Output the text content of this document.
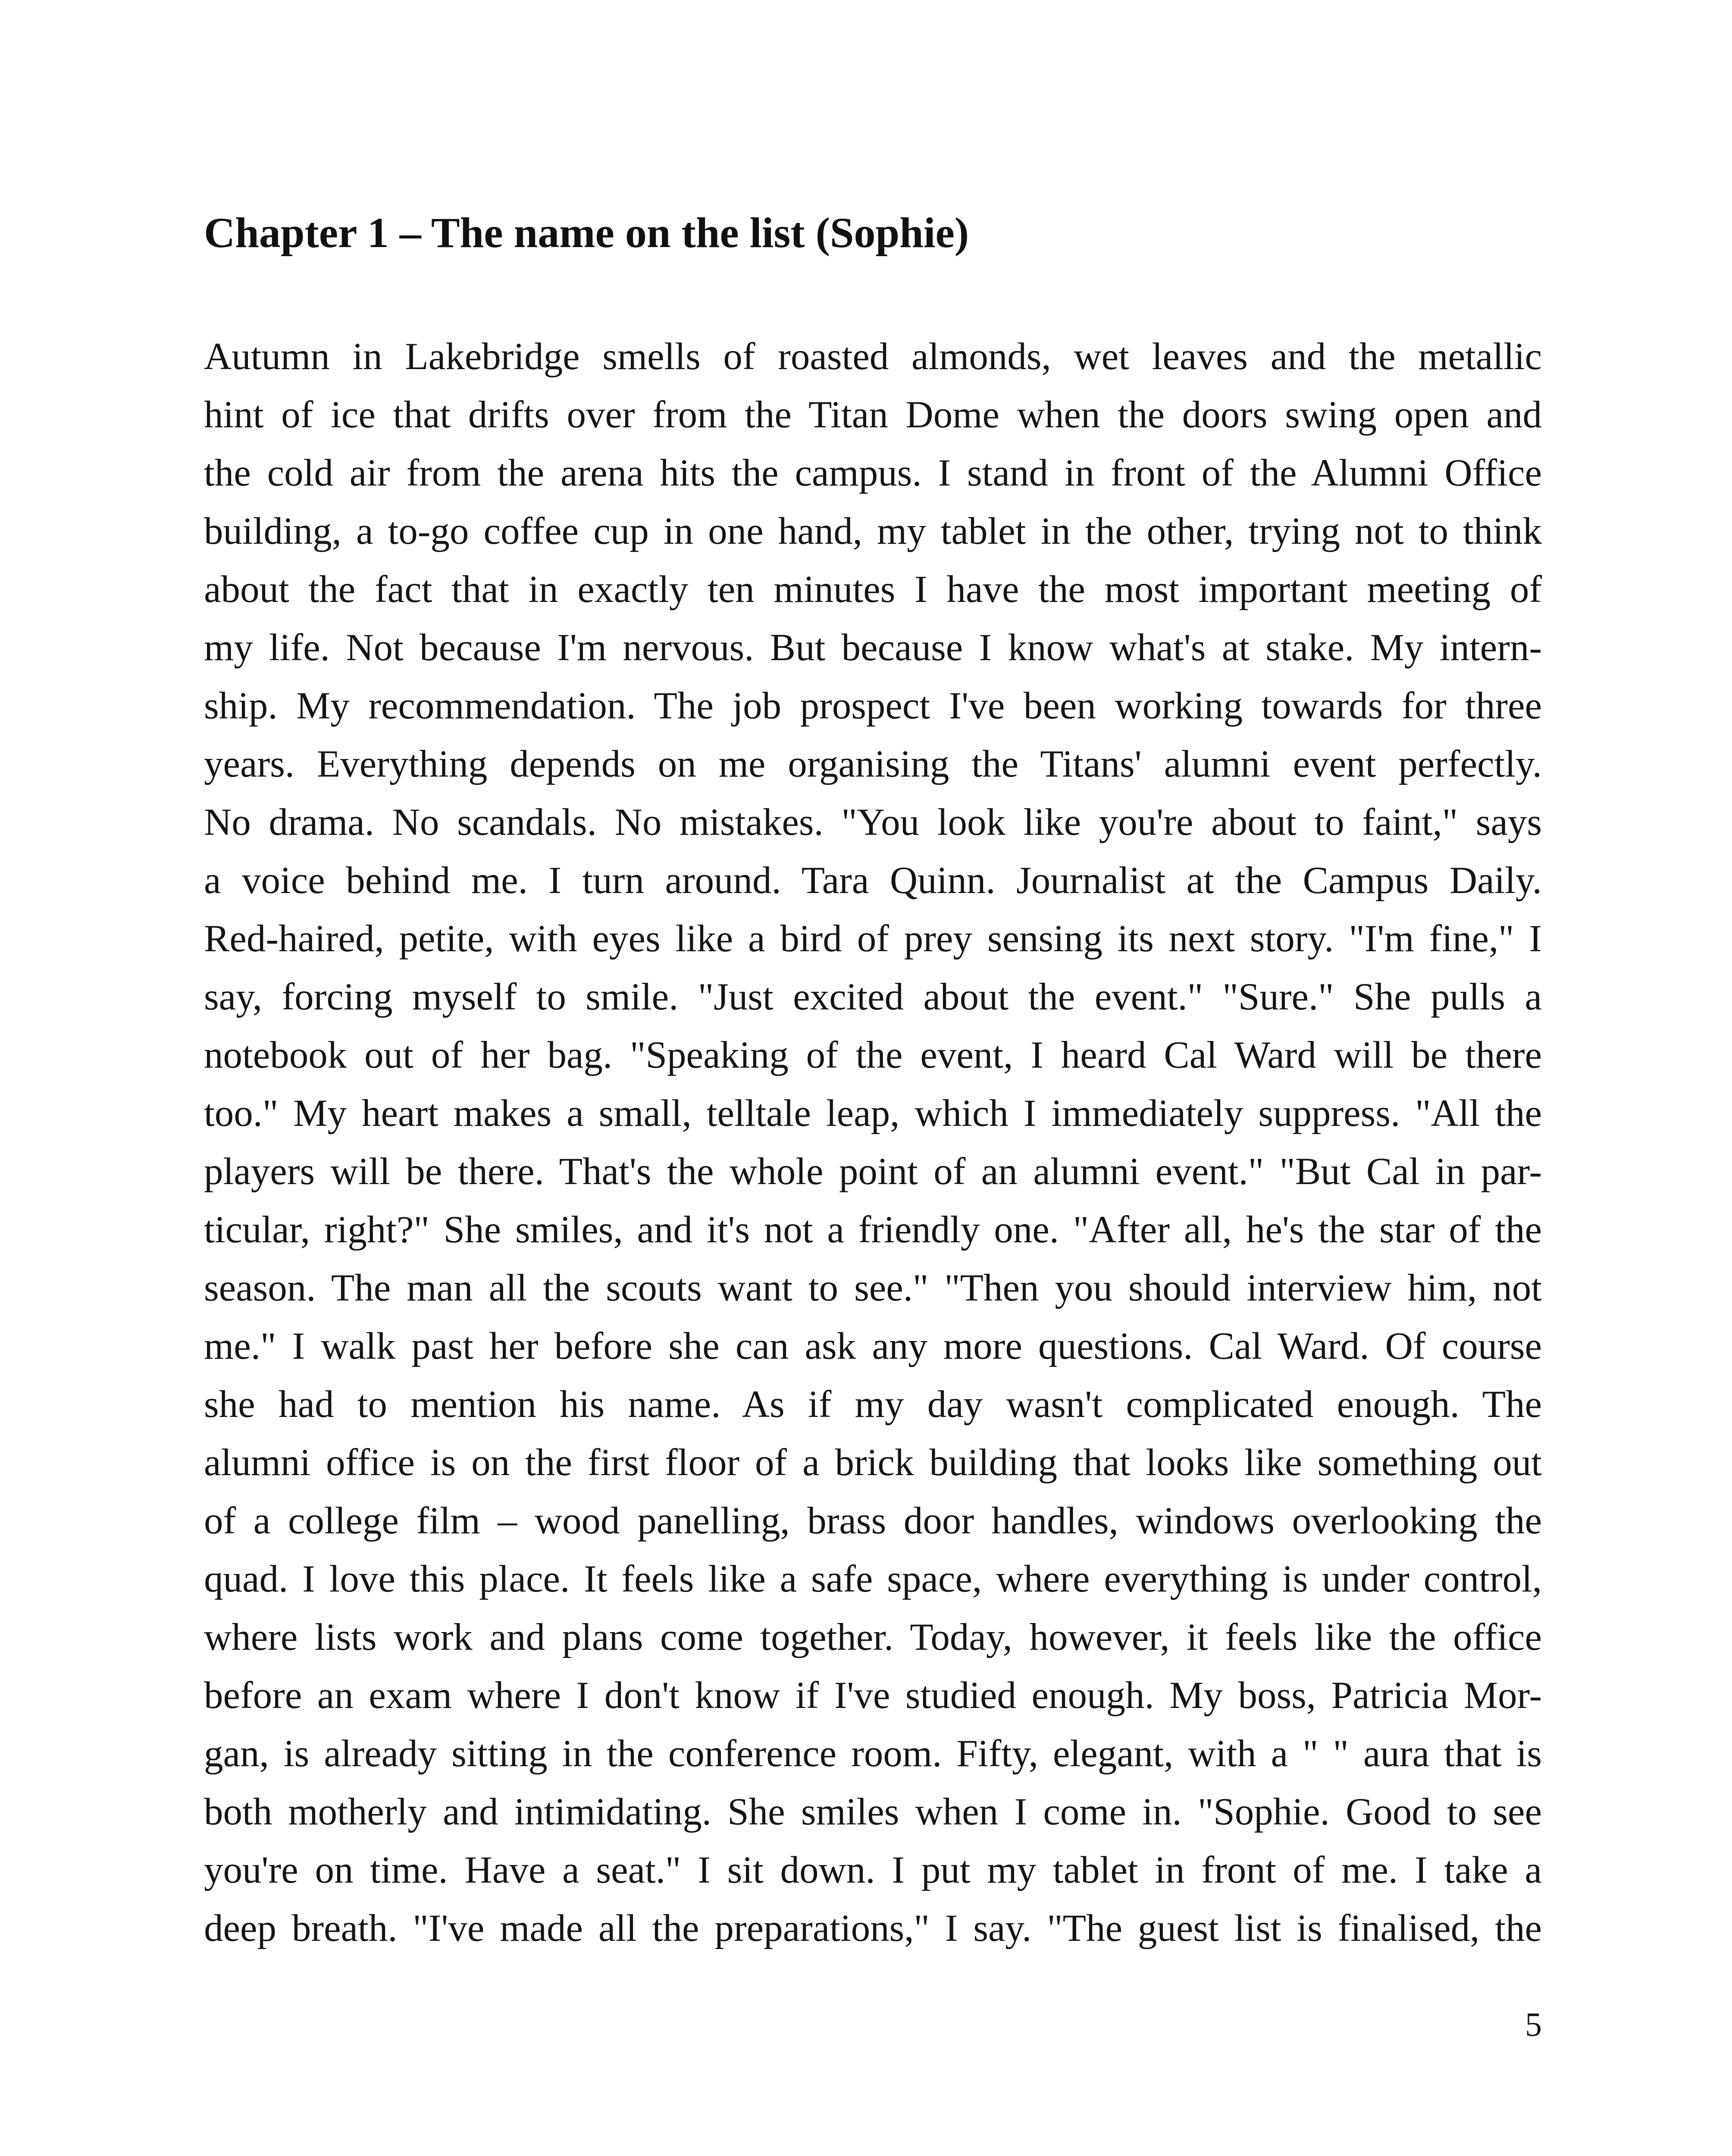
Chapter 1 – The name on the list (Sophie)
Autumn in Lakebridge smells of roasted almonds, wet leaves and the metallic
hint of ice that drifts over from the Titan Dome when the doors swing open and
the cold air from the arena hits the campus. I stand in front of the Alumni Office
building, a to-go coffee cup in one hand, my tablet in the other, trying not to think
about the fact that in exactly ten minutes I have the most important meeting of
my life. Not because I'm nervous. But because I know what's at stake. My intern-
ship. My recommendation. The job prospect I've been working towards for three
years. Everything depends on me organising the Titans' alumni event perfectly.
No drama. No scandals. No mistakes. "You look like you're about to faint," says
a voice behind me. I turn around. Tara Quinn. Journalist at the Campus Daily.
Red-haired, petite, with eyes like a bird of prey sensing its next story. "I'm fine," I
say, forcing myself to smile. "Just excited about the event." "Sure." She pulls a
notebook out of her bag. "Speaking of the event, I heard Cal Ward will be there
too." My heart makes a small, telltale leap, which I immediately suppress. "All the
players will be there. That's the whole point of an alumni event." "But Cal in par-
ticular, right?" She smiles, and it's not a friendly one. "After all, he's the star of the
season. The man all the scouts want to see." "Then you should interview him, not
me." I walk past her before she can ask any more questions. Cal Ward. Of course
she had to mention his name. As if my day wasn't complicated enough. The
alumni office is on the first floor of a brick building that looks like something out
of a college film – wood panelling, brass door handles, windows overlooking the
quad. I love this place. It feels like a safe space, where everything is under control,
where lists work and plans come together. Today, however, it feels like the office
before an exam where I don't know if I've studied enough. My boss, Patricia Mor-
gan, is already sitting in the conference room. Fifty, elegant, with a " " aura that is
both motherly and intimidating. She smiles when I come in. "Sophie. Good to see
you're on time. Have a seat." I sit down. I put my tablet in front of me. I take a
deep breath. "I've made all the preparations," I say. "The guest list is finalised, the
5
